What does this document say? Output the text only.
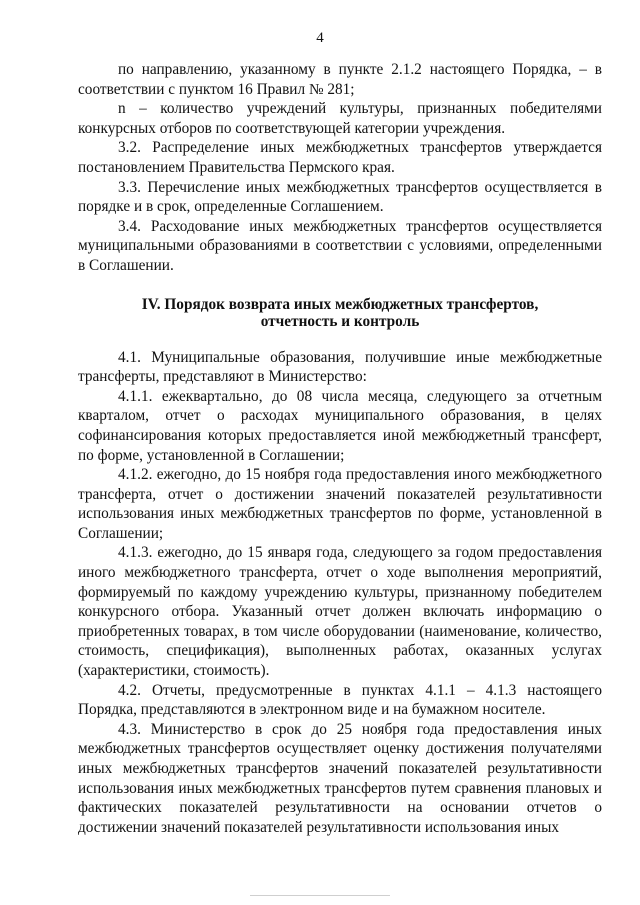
4

по направлению, указанному в пункте 2.1.2 настоящего Порядка, – в соответствии с пунктом 16 Правил № 281;

n – количество учреждений культуры, признанных победителями конкурсных отборов по соответствующей категории учреждения.

3.2. Распределение иных межбюджетных трансфертов утверждается постановлением Правительства Пермского края.

3.3. Перечисление иных межбюджетных трансфертов осуществляется в порядке и в срок, определенные Соглашением.

3.4. Расходование иных межбюджетных трансфертов осуществляется муниципальными образованиями в соответствии с условиями, определенными в Соглашении.

IV. Порядок возврата иных межбюджетных трансфертов,
отчетность и контроль

4.1. Муниципальные образования, получившие иные межбюджетные трансферты, представляют в Министерство:

4.1.1. ежеквартально, до 08 числа месяца, следующего за отчетным кварталом, отчет о расходах муниципального образования, в целях софинансирования которых предоставляется иной межбюджетный трансферт, по форме, установленной в Соглашении;

4.1.2. ежегодно, до 15 ноября года предоставления иного межбюджетного трансферта, отчет о достижении значений показателей результативности использования иных межбюджетных трансфертов по форме, установленной в Соглашении;

4.1.3. ежегодно, до 15 января года, следующего за годом предоставления иного межбюджетного трансферта, отчет о ходе выполнения мероприятий, формируемый по каждому учреждению культуры, признанному победителем конкурсного отбора. Указанный отчет должен включать информацию о приобретенных товарах, в том числе оборудовании (наименование, количество, стоимость, спецификация), выполненных работах, оказанных услугах (характеристики, стоимость).

4.2. Отчеты, предусмотренные в пунктах 4.1.1 – 4.1.3 настоящего Порядка, представляются в электронном виде и на бумажном носителе.

4.3. Министерство в срок до 25 ноября года предоставления иных межбюджетных трансфертов осуществляет оценку достижения получателями иных межбюджетных трансфертов значений показателей результативности использования иных межбюджетных трансфертов путем сравнения плановых и фактических показателей результативности на основании отчетов о достижении значений показателей результативности использования иных
